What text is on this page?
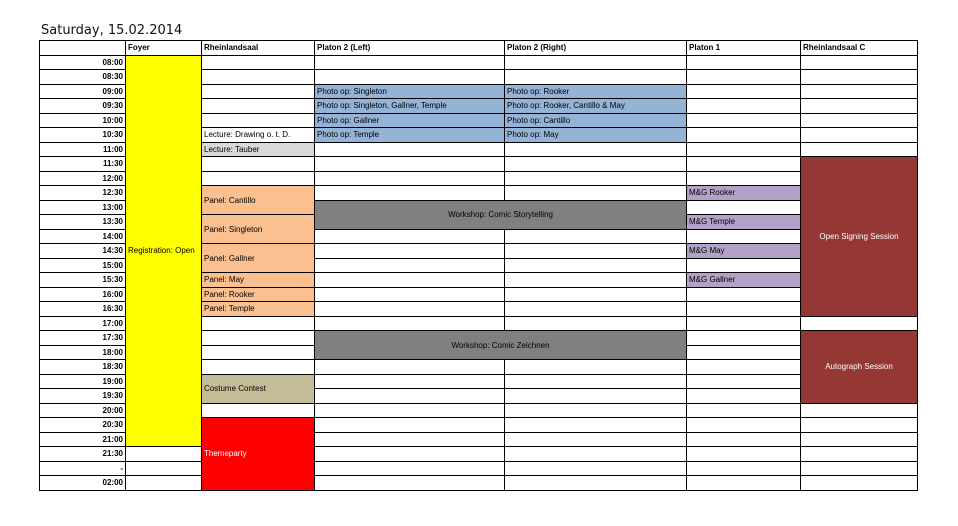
Saturday, 15.02.2014
	Foyer	Rheinlandsaal	Platon 2 (Left)	Platon 2 (Right)	Platon 1	Rheinlandsaal C
08:00	Registration: Open					
08:30						
09:00			Photo op: Singleton	Photo op: Rooker		
09:30			Photo op: Singleton, Gallner, Temple	Photo op: Rooker, Cantillo & May		
10:00			Photo op: Gallner	Photo op: Cantillo		
10:30		Lecture: Drawing o. t. D.	Photo op: Temple	Photo op: May		
11:00		Lecture: Tauber				
11:30						Open Signing Session
12:00						
12:30		Panel: Cantillo			M&G Rooker	
13:00			Workshop: Comic Storytelling			
13:30		Panel: Singleton			M&G Temple	
14:00						
14:30		Panel: Gallner			M&G May	
15:00						
15:30		Panel: May			M&G Gallner	
16:00		Panel: Rooker				
16:30		Panel: Temple				
17:00						
17:30			Workshop: Comic Zeichnen			Autograph Session
18:00						
18:30						
19:00		Costume Contest				
19:30						
20:00						
20:30		Themeparty				
21:00						
21:30						
-						
02:00						
